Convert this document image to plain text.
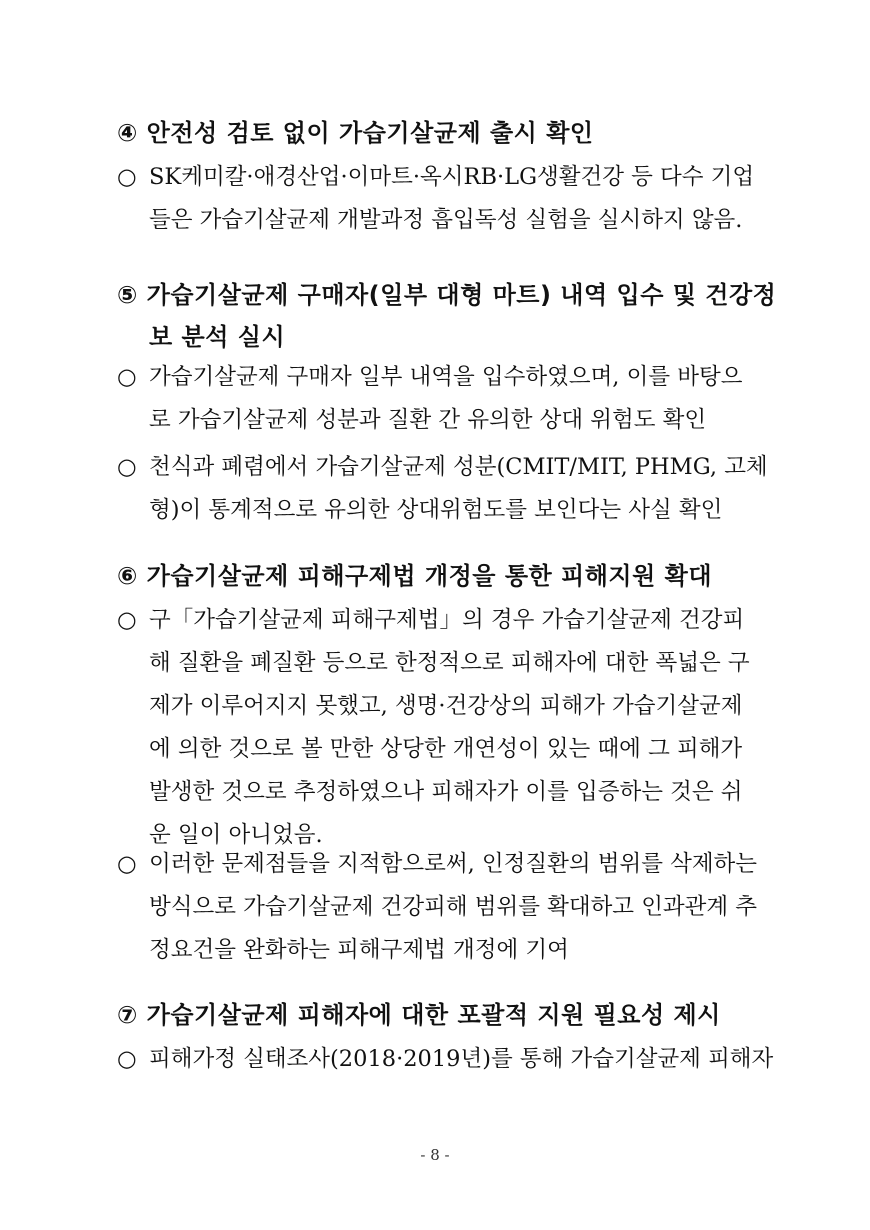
④ 안전성 검토 없이 가습기살균제 출시 확인
○ SK케미칼·애경산업·이마트·옥시RB·LG생활건강 등 다수 기업
들은 가습기살균제 개발과정 흡입독성 실험을 실시하지 않음.
⑤ 가습기살균제 구매자(일부 대형 마트) 내역 입수 및 건강정
보 분석 실시
○ 가습기살균제 구매자 일부 내역을 입수하였으며, 이를 바탕으
로 가습기살균제 성분과 질환 간 유의한 상대 위험도 확인
○ 천식과 폐렴에서 가습기살균제 성분(CMIT/MIT, PHMG, 고체
형)이 통계적으로 유의한 상대위험도를 보인다는 사실 확인
⑥ 가습기살균제 피해구제법 개정을 통한 피해지원 확대
○ 구「가습기살균제 피해구제법」의 경우 가습기살균제 건강피
해 질환을 폐질환 등으로 한정적으로 피해자에 대한 폭넓은 구
제가 이루어지지 못했고, 생명·건강상의 피해가 가습기살균제
에 의한 것으로 볼 만한 상당한 개연성이 있는 때에 그 피해가
발생한 것으로 추정하였으나 피해자가 이를 입증하는 것은 쉬
운 일이 아니었음.
○ 이러한 문제점들을 지적함으로써, 인정질환의 범위를 삭제하는
방식으로 가습기살균제 건강피해 범위를 확대하고 인과관계 추
정요건을 완화하는 피해구제법 개정에 기여
⑦ 가습기살균제 피해자에 대한 포괄적 지원 필요성 제시
○ 피해가정 실태조사(2018·2019년)를 통해 가습기살균제 피해자
- 8 -
